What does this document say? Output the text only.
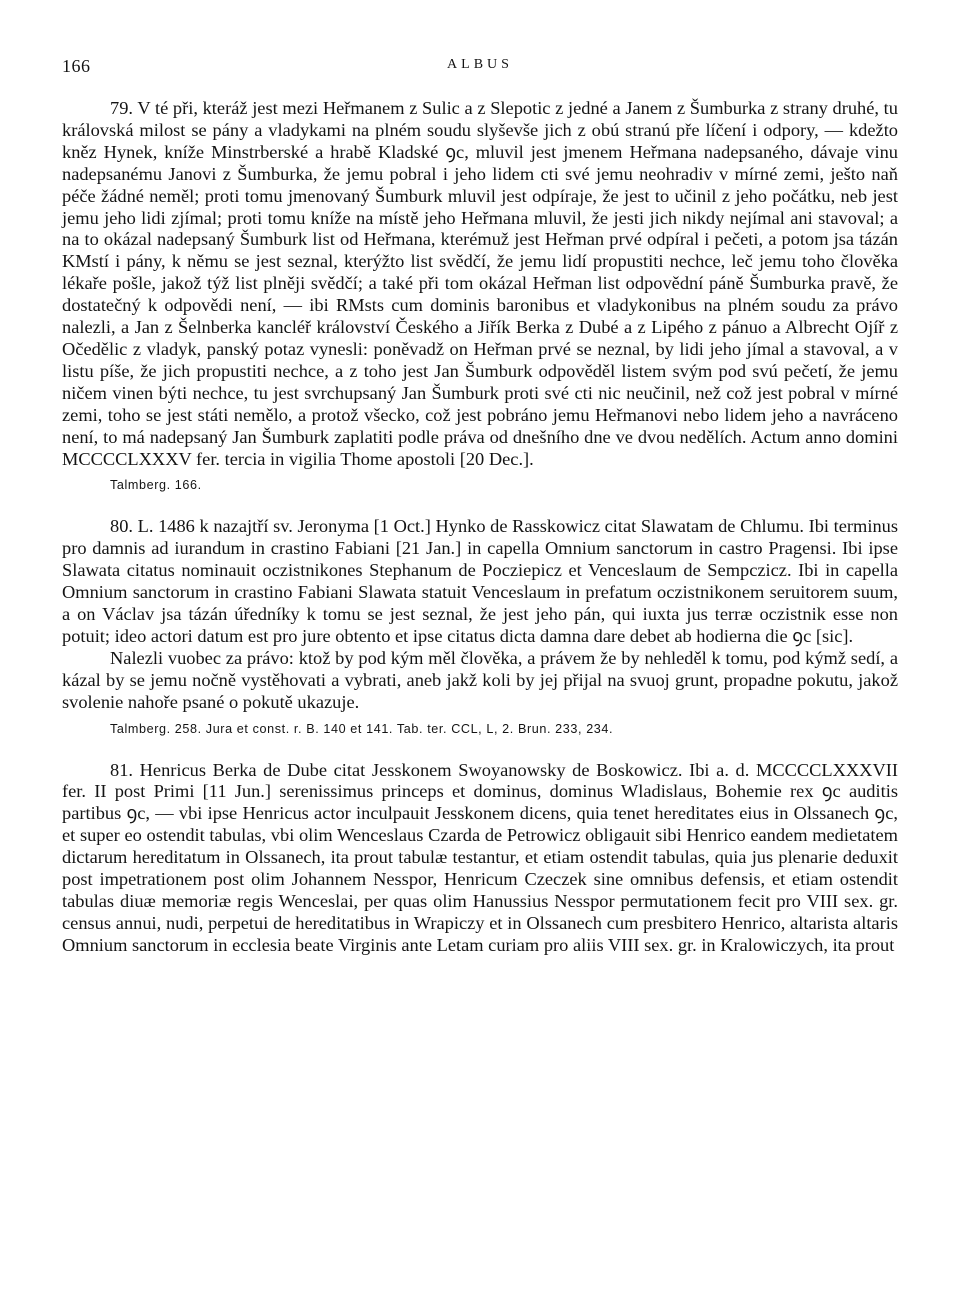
166	ALBUS

79. V té při, kteráž jest mezi Heřmanem z Sulic a z Slepotic z jedné a Janem z Šumburka z strany druhé, tu královská milost se pány a vladykami na plném soudu slyševše jich z obú stranú pře líčení i odpory, — kdežto kněz Hynek, kníže Minstrberské a hrabě Kladské ꝯc, mluvil jest jmenem Heřmana nadepsaného, dávaje vinu nadepsanému Janovi z Šumburka, že jemu pobral i jeho lidem cti své jemu neohradiv v mírné zemi, ješto naň péče žádné neměl; proti tomu jmenovaný Šumburk mluvil jest odpíraje, že jest to učinil z jeho počátku, neb jest jemu jeho lidi zjímal; proti tomu kníže na místě jeho Heřmana mluvil, že jesti jich nikdy nejímal ani stavoval; a na to okázal nadepsaný Šumburk list od Heřmana, kterémuž jest Heřman prvé odpíral i pečeti, a potom jsa tázán KMstí i pány, k němu se jest seznal, kterýžto list svědčí, že jemu lidí propustiti nechce, leč jemu toho člověka lékaře pošle, jakož týž list plněji svědčí; a také při tom okázal Heřman list odpovědní páně Šumburka pravě, že dostatečný k odpovědi není, — ibi RMsts cum dominis baronibus et vladykonibus na plném soudu za právo nalezli, a Jan z Šelnberka kancléř království Českého a Jiřík Berka z Dubé a z Lipého z pánuo a Albrecht Ojíř z Očedělic z vladyk, panský potaz vynesli: poněvadž on Heřman prvé se neznal, by lidi jeho jímal a stavoval, a v listu píše, že jich propustiti nechce, a z toho jest Jan Šumburk odpověděl listem svým pod svú pečetí, že jemu ničem vinen býti nechce, tu jest svrchupsaný Jan Šumburk proti své cti nic neučinil, než což jest pobral v mírné zemi, toho se jest státi nemělo, a protož všecko, což jest pobráno jemu Heřmanovi nebo lidem jeho a navráceno není, to má nadepsaný Jan Šumburk zaplatiti podle práva od dnešního dne ve dvou nedělích. Actum anno domini MCCCCLXXXV fer. tercia in vigilia Thome apostoli [20 Dec.].

Talmberg. 166.

80. L. 1486 k nazajtří sv. Jeronyma [1 Oct.] Hynko de Rasskowicz citat Slawatam de Chlumu. Ibi terminus pro damnis ad iurandum in crastino Fabiani [21 Jan.] in capella Omnium sanctorum in castro Pragensi. Ibi ipse Slawata citatus nominauit oczistnikones Stephanum de Pocziepicz et Venceslaum de Sempczicz. Ibi in capella Omnium sanctorum in crastino Fabiani Slawata statuit Venceslaum in prefatum oczistnikonem seruitorem suum, a on Václav jsa tázán úředníky k tomu se jest seznal, že jest jeho pán, qui iuxta jus terræ oczistnik esse non potuit; ideo actori datum est pro jure obtento et ipse citatus dicta damna dare debet ab hodierna die ꝯc [sic].

Nalezli vuobec za právo: ktož by pod kým měl člověka, a právem že by nehleděl k tomu, pod kýmž sedí, a kázal by se jemu nočně vystěhovati a vybrati, aneb jakž koli by jej přijal na svuoj grunt, propadne pokutu, jakož svolenie nahoře psané o pokutě ukazuje.

Talmberg. 258. Jura et const. r. B. 140 et 141. Tab. ter. CCL, L, 2. Brun. 233, 234.

81. Henricus Berka de Dube citat Jesskonem Swoyanowsky de Boskowicz. Ibi a. d. MCCCCLXXXVII fer. II post Primi [11 Jun.] serenissimus princeps et dominus, dominus Wladislaus, Bohemie rex ꝯc auditis partibus ꝯc, — vbi ipse Henricus actor inculpauit Jesskonem dicens, quia tenet hereditates eius in Olssanech ꝯc, et super eo ostendit tabulas, vbi olim Wenceslaus Czarda de Petrowicz obligauit sibi Henrico eandem medietatem dictarum hereditatum in Olssanech, ita prout tabulæ testantur, et etiam ostendit tabulas, quia jus plenarie deduxit post impetrationem post olim Johannem Nesspor, Henricum Czeczek sine omnibus defensis, et etiam ostendit tabulas diuæ memoriæ regis Wenceslai, per quas olim Hanussius Nesspor permutationem fecit pro VIII sex. gr. census annui, nudi, perpetui de hereditatibus in Wrapiczy et in Olssanech cum presbitero Henrico, altarista altaris Omnium sanctorum in ecclesia beate Virginis ante Letam curiam pro aliis VIII sex. gr. in Kralowiczych, ita prout
